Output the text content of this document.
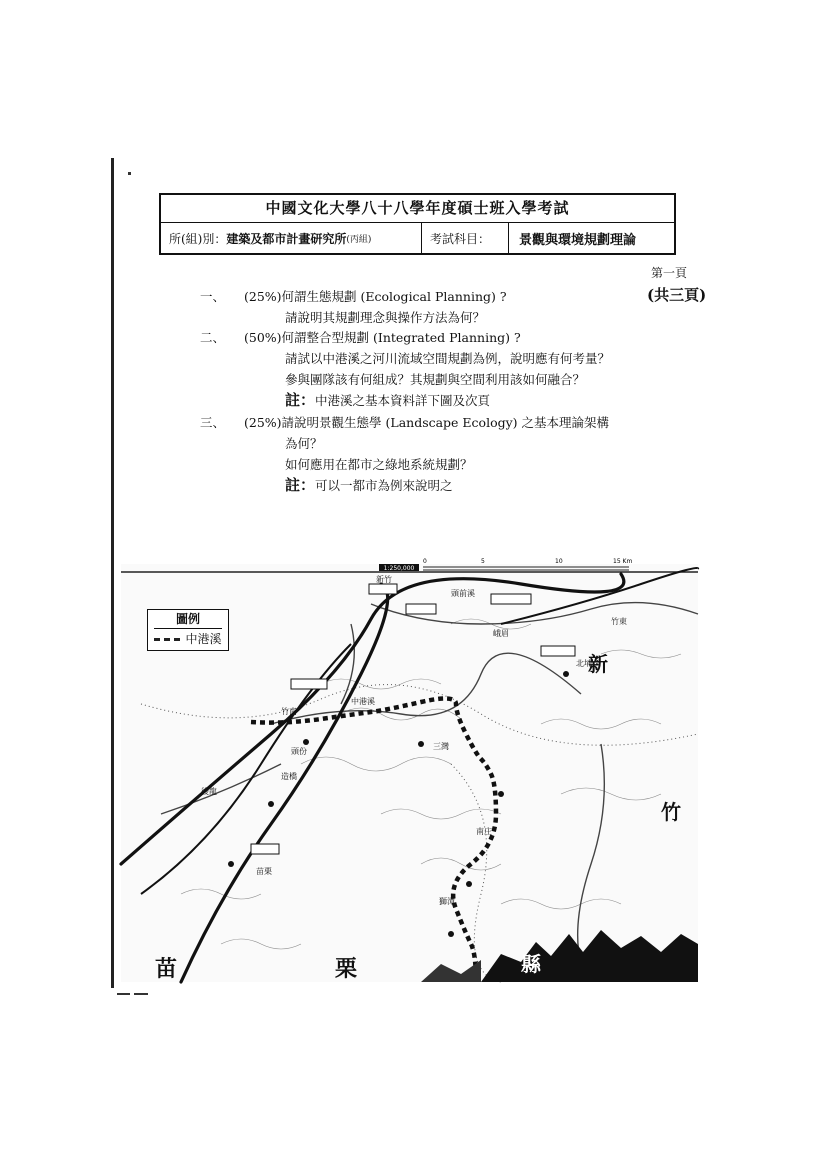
中國文化大學八十八學年度碩士班入學考試
所(組)別： 建築及都市計畫研究所 (丙組)	考試科目：	景觀與環境規劃理論
第一頁
(共三頁)
一、 (25%)何謂生態規劃 (Ecological Planning) ?
請說明其規劃理念與操作方法為何？
二、 (50%)何謂整合型規劃 (Integrated Planning) ?
請試以中港溪之河川流域空間規劃為例，說明應有何考量？
參與團隊該有何組成？其規劃與空間利用該如何融合？
註：中港溪之基本資料詳下圖及次頁
三、 (25%)請說明景觀生態學 (Landscape Ecology) 之基本理論架構
為何？
如何應用在都市之綠地系統規劃？
註：可以一都市為例來說明之
1:250,000
0	5	10	15 Km
竹南
頭份
三灣
南庄
獅潭
造橋
後龍
苗栗
北埔
峨眉
新竹
竹東
頭前溪
中港溪
圖例
中港溪
新
竹
苗	栗	縣
